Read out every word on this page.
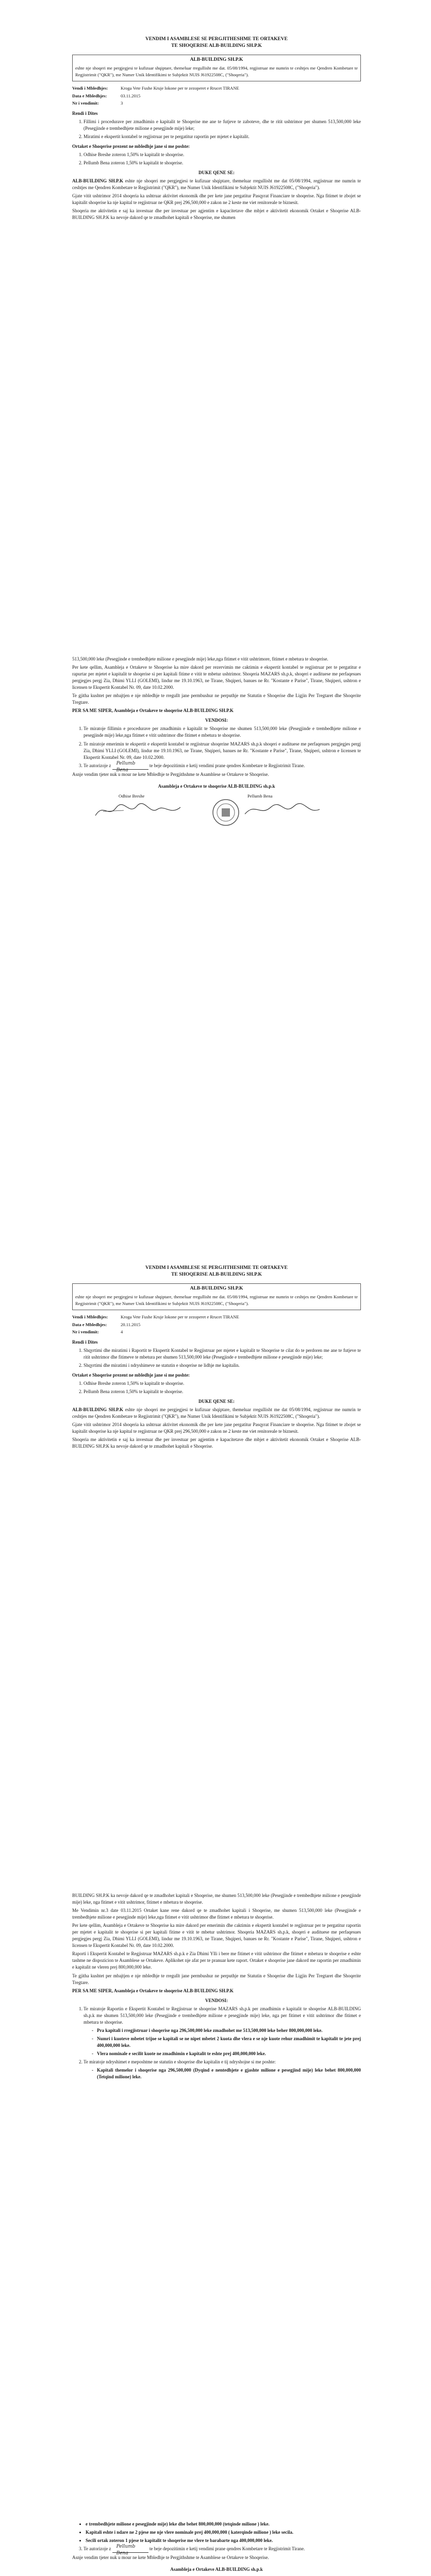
VENDIM I ASAMBLESE SE PERGJITHESHME TE ORTAKEVE
TE SHOQERISE ALB-BUILDING SH.P.K
ALB-BUILDING SH.P.K
eshte nje shoqeri me pergjegjesi te kufizuar shqiptare, themeluar rregullisht me dat. 05/08/1994, regjistruar me numrin te ceshtjes me Qendren Kombetare te Regjistrimit ("QKR"), me Numer Unik Identifikimi te Subjektit NUIS J61922508C, ("Shoqeria").
Vendi i Mbledhjes:	Kroga Vete Fushe Kruje lokone per te zezoperet e Rrucet TIRANE
Data e Mbledhjes:	03.11.2015
Nr i vendimit:	3
Rendi i Dites
1. Fillimi i procedurave per zmadhimin e kapitalit te Shoqerise me ane te futjeve te zaboteve, dhe te ritit ushtrimor per shumen 513,500,000 leke (Pesegjinde e trembedhjete milione e pesegjinde mije) leke;
2. Miratimi e ekspertit kontabel te regjistruar per te pergatitur raportin per mjetet e kapitalit.
Ortaket e Shoqerise prezent ne mbledhje jane si me poshte:
1. Odhise Breshe zoteron 1,50% te kapitalit te shoqerise.
2. Pellumb Bena zoteron 1,50% te kapitalit te shoqerise.
DUKE QENE SE:
ALB-BUILDING SH.P.K eshte nje shoqeri me pergjegjesi te kufizuar shqiptare, themeluar rregullisht me dat 05/08/1994, regjistruar me numrin te ceshtjes me Qendren Kombetare te Regjistrimit ("QKR"), me Numer Unik Identifikimi te Subjektit NUIS J61922508C, ("Shoqeria").
Gjate vitit ushtrimor 2014 shoqeria ka ushtruar aktivitet ekonomik dhe per kete jane pergatitur Pasqyrat Financiare te shoqerise. Nga fitimet te zbojet se kapitalit shoqerise ka nje kapital te regjistruar ne QKR prej 296,500,000 e zakon ne 2 keste me viet renitoreale te biznesit.
Shoqeria me aktivitetin e saj ka investuar dhe per investuar per agjentim e kapacitetave dhe mbjet e aktivitetit ekonomik Ortaket e Shoqerise ALB-BUILDING SH.P.K ka nevoje dakord qe te zmadhohet kapitali e Shoqerise, me shumen
513,500,000 leke (Pesegjinde e trembedhjete milione e pesegjinde mije) leke,nga fitimet e vitit ushtrimore, fitimet e mbetura te shoqerise.
Per kete qellim, Asambleja e Ortakeve te Shoqerise ka mire dakord per rezervimin me caktimin e ekspertit kontabel te regjistruar per te pergatitur e rapurtar per mjetet e kapitalit te shoqerise si per kapitali fitime e vitit te mbetur ushtrimor. Shoqeria MAZARS sh.p.k, shoqeri e audituese me perfaqesues pergjegjes pergj Zia, Dhimi YLLI (GOLEMI), lindur me 19.10.1963, ne Tirane, Shqiperi, banues ne Rr. "Kostante e Parise", Tirane, Shqiperi, ushtron e licensen te Ekspertit Kontabel Nr. 09, date 10.02.2000.
Te gjitha kushtet per mbajtjen e nje mbledhje te rregullt jane permbushur ne perputhje me Statutin e Shoqerise dhe Ligjin Per Tregtaret dhe Shoqerite Tregtare.
PER SA ME SIPER, Asambleja e Ortakeve te shoqerise ALB-BUILDING SH.P.K
VENDOSI:
1. Te miratoje fillimin e procedurave per zmadhimin e kapitalit te Shoqerise me shumen 513,500,000 leke (Pesegjinde e trembedhjete milione e pesegjinde mije) leke,nga fitimet e vitit ushtrimor dhe fitimet e mbetura te shoqerise.
2. Te miratoje emerimin te ekspertit e ekspertit kontabel te regjistruar shoqerine MAZARS sh.p.k shoqeri e audituese me perfaqesues pergjegjes pergj Zia, Dhimi YLLI (GOLEMI), lindur me 19.10.1963, ne Tirane, Shqiperi, banues ne Rr. "Kostante e Parise", Tirane, Shqiperi, ushtron e licensen te Ekspertit Kontabel Nr. 09, date 10.02.2000.
3. Te autorizoje z Pellumb Bena
te beje depozitimin e ketij vendimi prane qendres Kombetare te Regjistrimit Tirane.
Asnje vendim tjeter nuk u mour ne kete Mbledhje te Pergjithshme te Asamblese se Ortakeve te Shoqerise.
Asambleja e Ortakeve te shoqerise ALB-BUILDING sh.p.k
Odhise Breshe	Pellumb Bena
VENDIM I ASAMBLESE SE PERGJITHESHME TE ORTAKEVE
TE SHOQERISE ALB-BUILDING SH.P.K
ALB-BUILDING SH.P.K
eshte nje shoqeri me pergjegjesi te kufizuar shqiptare, themeluar rregullisht me dat. 05/08/1994, regjistruar me numrin te ceshtjes me Qendren Kombetare te Regjistrimit ("QKR"), me Numer Unik Identifikimi te Subjektit NUIS J61922508C, ("Shoqeria").
Vendi i Mbledhjes:	Kroga Vete Fushe Kruje lokone per te zezoperet e Rrucet TIRANE
Data e Mbledhjes:	20.11.2015
Nr i vendimit:	4
Rendi i Dites
1. Shqyrtimi dhe miratimi i Raportit te Ekspertit Kontabel te Regjistruar per mjetet e kapitalit te Shoqerise te cilat do te perdoren me ane te futjeve te ritit ushtrimor dhe fitimeve te mbetura per shumen 513,500,000 leke (Pesegjinde e trembedhjete milione e pesegjinde mije) leke;
2. Shqyrtimi dhe miratimi i ndryshimeve ne statutin e shoqerise ne lidhje me kapitalin.
Ortaket e Shoqerise prezent ne mbledhje jane si me poshte:
1. Odhise Breshe zoteron 1,50% te kapitalit te shoqerise.
2. Pellumb Bena zoteron 1,50% te kapitalit te shoqerise.
DUKE QENE SE:
ALB-BUILDING SH.P.K eshte nje shoqeri me pergjegjesi te kufizuar shqiptare, themeluar rregullisht me dat 05/08/1994, regjistruar me numrin te ceshtjes me Qendren Kombetare te Regjistrimit ("QKR"), me Numer Unik Identifikimi te Subjektit NUIS J61922508C, ("Shoqeria").
Gjate vitit ushtrimor 2014 shoqeria ka ushtruar aktivitet ekonomik dhe per kete jane pergatitur Pasqyrat Financiare te shoqerise. Nga fitimet te zbojet se kapitalit shoqerise ka nje kapital te regjistruar ne QKR prej 296,500,000 e zakon ne 2 keste me viet renitoreale te biznesit.
Shoqeria me aktivitetin e saj ka investuar dhe per investuar per agjentim e kapacitetave dhe mbjet e aktivitetit ekonomik Ortaket e Shoqerise ALB-BUILDING SH.P.K ka nevoje dakord qe te zmadhohet kapitali e Shoqerise.
BUILDING SH.P.K ka nevoje dakord qe te zmadhohet kapitali e Shoqerise, me shumen 513,500,000 leke (Pesegjinde e trembedhjete milione e pesegjinde mije) leke, nga fitimet e vitit ushtrimor, fitimet e mbetura te shoqerise.
Me Vendimin nr.3 date 03.11.2015 Ortaket kane rene dakord qe te zmadhohet kapitali i Shoqerise, me shumen 513,500,000 leke (Pesegjinde e trembedhjete milione e pesegjinde mije) leke,nga fitimet e vitit ushtrimor dhe fitimet e mbetura te shoqerise.
Per kete qellim, Asambleja e Ortakeve te Shoqerise ka mire dakord per emerimin dhe caktimin e ekspertit kontabel te regjistruar per te pergatitur raportin per mjetet e kapitalit te shoqerise si per kapitali fitime e vitit te mbetur ushtrimor. Shoqeria MAZARS sh.p.k, shoqeri e audituese me perfaqesues pergjegjes pergj Zia, Dhimi YLLI (GOLEMI), lindur me 19.10.1963, ne Tirane, Shqiperi, banues ne Rr. "Kostante e Parise", Tirane, Shqiperi, ushtron e licensen te Ekspertit Kontabel Nr. 09, date 10.02.2000.
Raporti i Ekspertit Kontabel te Regjistruar MAZARS sh.p.k e Zia Dhimi Ylli i bere me fitimet e vitit ushtrimor dhe fitimet e mbetura te shoqerise e eshte tashme ne dispozicion te Asamblese se Ortakeve. Aplikohet nje afat per te pranuar kete raport. Ortaket e shoqerise jane dakord me raportin per zmadhimin e kapitalit ne vleren prej 800,000,000 leke.
Te gjitha kushtet per mbajtjen e nje mbledhje te rregullt jane permbushur ne perputhje me Statutin e Shoqerise dhe Ligjin Per Tregtaret dhe Shoqerite Tregtare.
PER SA ME SIPER, Asambleja e Ortakeve te shoqerise ALB-BUILDING SH.P.K
VENDOSI:
1. Te miratoje Raportin e Ekspertit Kontabel te Regjistruar te shoqerise MAZARS sh.p.k per zmadhimin e kapitalit te shoqerise ALB-BUILDING sh.p.k me shumen 513,500,000 leke (Pesegjinde e trembedhjete milione e pesegjinde mije) leke, nga per fitimet e vitit ushtrimor dhe fitimet e mbetura te shoqerise.
- Pra kapitali i rregjistruar i shoqerise nga 296,500,000 leke zmadhohet me 513,500,000 leke beher 800,000,000 leke.
- Numri i kuoteve mbetet trijoe se kapitali se ne nipet mbetet 2 kuota dhe vlera e se nje kuote rehur zmadhimit te kapitalit te jete prej 400,000,000 leke.
- Vlera nominale e secilit kuote ne zmadhimin e kapitalit te eshte prej 400,000,000 leke.
2. Te miratoje ndryshimet e meposhtme ne statutin e shoqerise dhe kapitalin e tij ndryshojne si me poshte:
- Kapitali themelor i shoqerise nga 296,500,000 (Dyqind e nentedhjete e gjashte milione e pesegjind mije) leke behet 800,000,000 (Tetqind milione) leke.
• e trembedhjete milione e pesegjinde mije) leke dhe behet 800,000,000 (tetqinde milione ) leke.
• Kapitali eshte i ndare ne 2 pjese me nje vlere nominale prej 400,000,000 ( katerqinde milione ) leke secila.
• Secili ortak zoteron 1 pjese te kapitalit te shoqerise me vlere te barabarte nga 400,000,000 leke.
3. Te autorizoje z Pellumb Bena
te beje depozitimin e ketij vendimi prane qendres Kombetare te Regjistrimit Tirane.
Asnje vendim tjeter nuk u mour ne kete Mbledhje te Pergjithshme te Asamblese se Ortakeve te Shoqerise.
Asambleja e Ortakeve ALB-BUILDING sh.p.k
